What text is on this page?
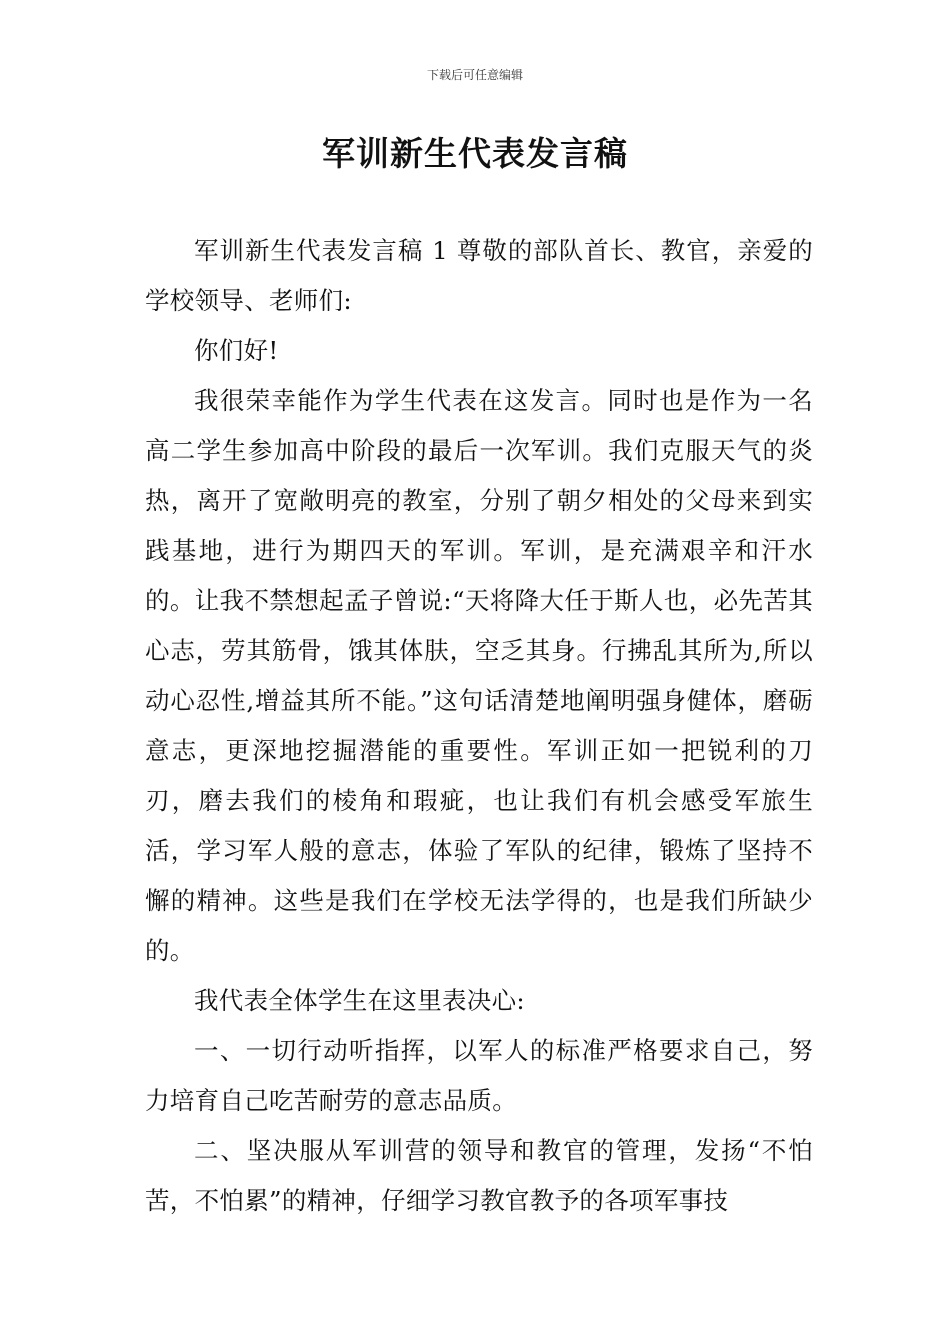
下载后可任意编辑
军训新生代表发言稿

军训新生代表发言稿 1 尊敬的部队首长、教官，亲爱的学校领导、老师们:

你们好!

我很荣幸能作为学生代表在这发言。同时也是作为一名高二学生参加高中阶段的最后一次军训。我们克服天气的炎热，离开了宽敞明亮的教室，分别了朝夕相处的父母来到实践基地，进行为期四天的军训。军训，是充满艰辛和汗水的。让我不禁想起孟子曾说:“天将降大任于斯人也，必先苦其心志，劳其筋骨，饿其体肤，空乏其身。行拂乱其所为,所以动心忍性,增益其所不能。”这句话清楚地阐明强身健体，磨砺意志，更深地挖掘潜能的重要性。军训正如一把锐利的刀刃，磨去我们的棱角和瑕疵，也让我们有机会感受军旅生活，学习军人般的意志，体验了军队的纪律，锻炼了坚持不懈的精神。这些是我们在学校无法学得的，也是我们所缺少的。

我代表全体学生在这里表决心:

一、一切行动听指挥，以军人的标准严格要求自己，努力培育自己吃苦耐劳的意志品质。

二、坚决服从军训营的领导和教官的管理，发扬“不怕苦，不怕累”的精神，仔细学习教官教予的各项军事技
